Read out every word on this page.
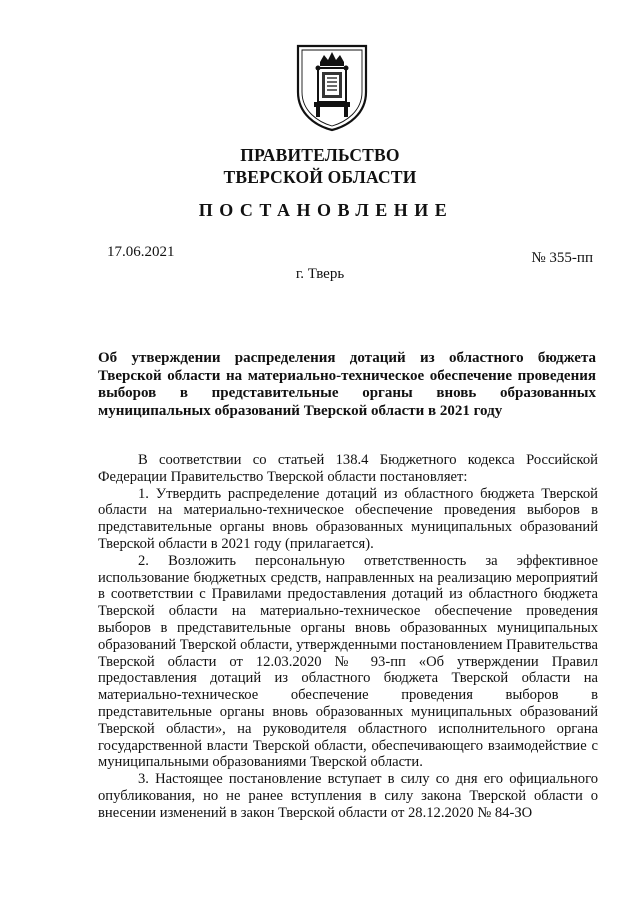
ПРАВИТЕЛЬСТВО
ТВЕРСКОЙ ОБЛАСТИ
ПОСТАНОВЛЕНИЕ
17.06.2021	№ 355-пп
г. Тверь
Об утверждении распределения дотаций из областного бюджета Тверской области на материально-техническое обеспечение проведения выборов в представительные органы вновь образованных муниципальных образований Тверской области в 2021 году

В соответствии со статьей 138.4 Бюджетного кодекса Российской Федерации Правительство Тверской области постановляет:

1. Утвердить распределение дотаций из областного бюджета Тверской области на материально-техническое обеспечение проведения выборов в представительные органы вновь образованных муниципальных образований Тверской области в 2021 году (прилагается).

2. Возложить персональную ответственность за эффективное использование бюджетных средств, направленных на реализацию мероприятий в соответствии с Правилами предоставления дотаций из областного бюджета Тверской области на материально-техническое обеспечение проведения выборов в представительные органы вновь образованных муниципальных образований Тверской области, утвержденными постановлением Правительства Тверской области от 12.03.2020 № 93-пп «Об утверждении Правил предоставления дотаций из областного бюджета Тверской области на материально-техническое обеспечение проведения выборов в представительные органы вновь образованных муниципальных образований Тверской области», на руководителя областного исполнительного органа государственной власти Тверской области, обеспечивающего взаимодействие с муниципальными образованиями Тверской области.

3. Настоящее постановление вступает в силу со дня его официального опубликования, но не ранее вступления в силу закона Тверской области о внесении изменений в закон Тверской области от 28.12.2020 № 84-ЗО
